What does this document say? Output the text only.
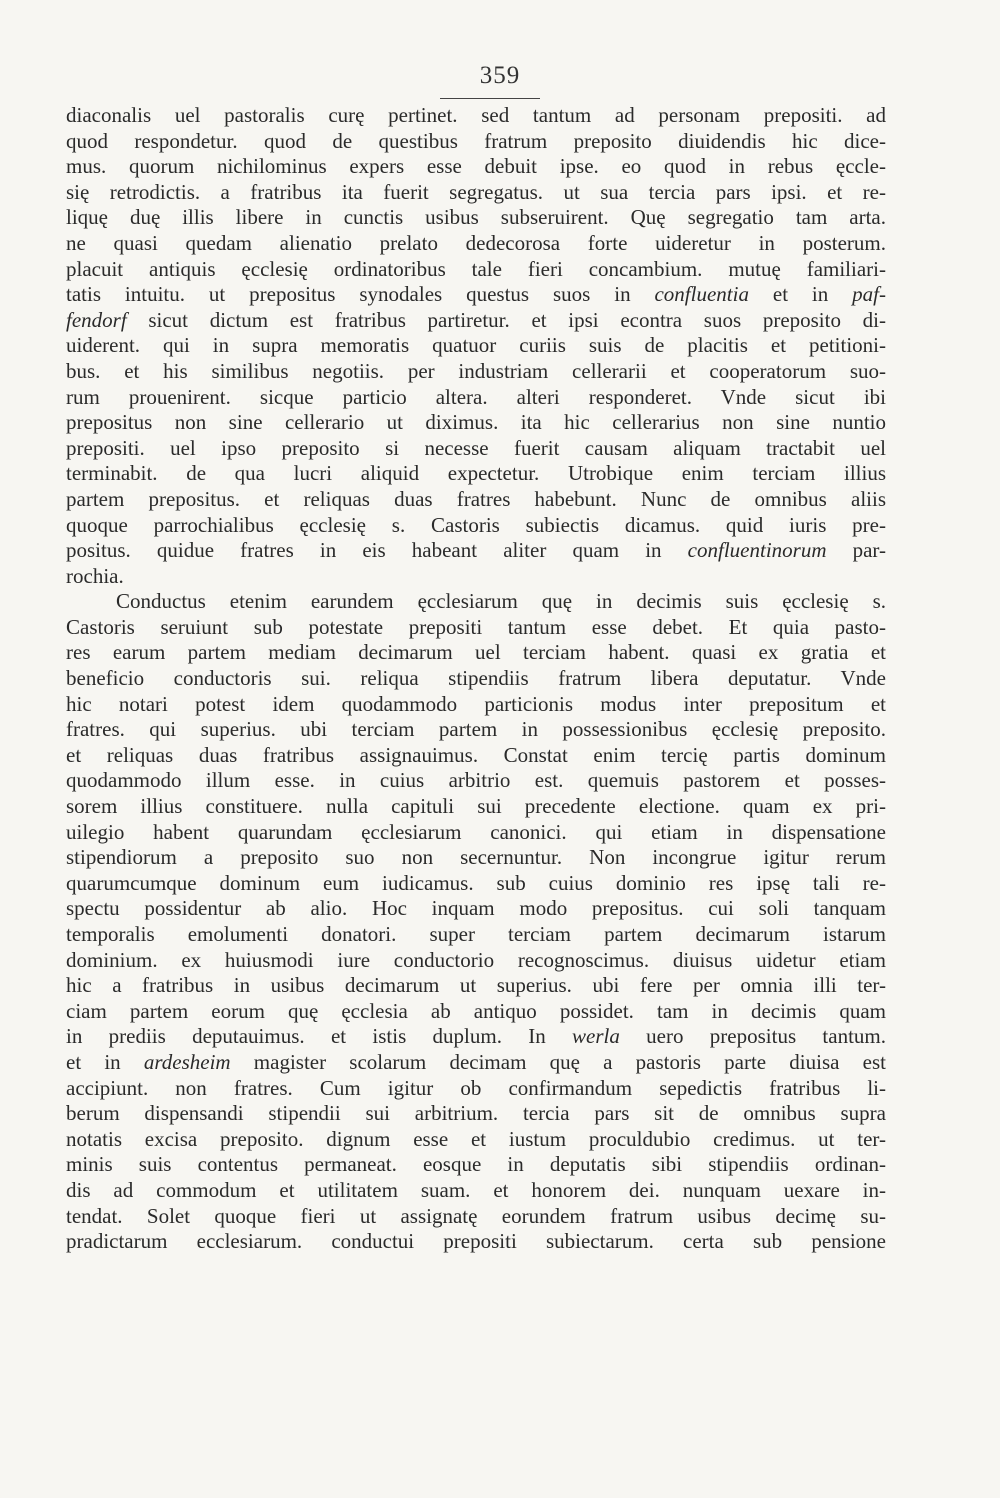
359
diaconalis uel pastoralis curę pertinet. sed tantum ad personam prepositi. ad
quod respondetur. quod de questibus fratrum preposito diuidendis hic dice-
mus. quorum nichilominus expers esse debuit ipse. eo quod in rebus ęccle-
się retrodictis. a fratribus ita fuerit segregatus. ut sua tercia pars ipsi. et re-
liquę duę illis libere in cunctis usibus subseruirent. Quę segregatio tam arta.
ne quasi quedam alienatio prelato dedecorosa forte uideretur in posterum.
placuit antiquis ęcclesię ordinatoribus tale fieri concambium. mutuę familiari-
tatis intuitu. ut prepositus synodales questus suos in confluentia et in paf-
fendorf sicut dictum est fratribus partiretur. et ipsi econtra suos preposito di-
uiderent. qui in supra memoratis quatuor curiis suis de placitis et petitioni-
bus. et his similibus negotiis. per industriam cellerarii et cooperatorum suo-
rum prouenirent. sicque particio altera. alteri responderet. Vnde sicut ibi
prepositus non sine cellerario ut diximus. ita hic cellerarius non sine nuntio
prepositi. uel ipso preposito si necesse fuerit causam aliquam tractabit uel
terminabit. de qua lucri aliquid expectetur. Utrobique enim terciam illius
partem prepositus. et reliquas duas fratres habebunt. Nunc de omnibus aliis
quoque parrochialibus ęcclesię s. Castoris subiectis dicamus. quid iuris pre-
positus. quidue fratres in eis habeant aliter quam in confluentinorum par-
rochia.
Conductus etenim earundem ęcclesiarum quę in decimis suis ęcclesię s.
Castoris seruiunt sub potestate prepositi tantum esse debet. Et quia pasto-
res earum partem mediam decimarum uel terciam habent. quasi ex gratia et
beneficio conductoris sui. reliqua stipendiis fratrum libera deputatur. Vnde
hic notari potest idem quodammodo particionis modus inter prepositum et
fratres. qui superius. ubi terciam partem in possessionibus ęcclesię preposito.
et reliquas duas fratribus assignauimus. Constat enim tercię partis dominum
quodammodo illum esse. in cuius arbitrio est. quemuis pastorem et posses-
sorem illius constituere. nulla capituli sui precedente electione. quam ex pri-
uilegio habent quarundam ęcclesiarum canonici. qui etiam in dispensatione
stipendiorum a preposito suo non secernuntur. Non incongrue igitur rerum
quarumcumque dominum eum iudicamus. sub cuius dominio res ipsę tali re-
spectu possidentur ab alio. Hoc inquam modo prepositus. cui soli tanquam
temporalis emolumenti donatori. super terciam partem decimarum istarum
dominium. ex huiusmodi iure conductorio recognoscimus. diuisus uidetur etiam
hic a fratribus in usibus decimarum ut superius. ubi fere per omnia illi ter-
ciam partem eorum quę ęcclesia ab antiquo possidet. tam in decimis quam
in prediis deputauimus. et istis duplum. In werla uero prepositus tantum.
et in ardesheim magister scolarum decimam quę a pastoris parte diuisa est
accipiunt. non fratres. Cum igitur ob confirmandum sepedictis fratribus li-
berum dispensandi stipendii sui arbitrium. tercia pars sit de omnibus supra
notatis excisa preposito. dignum esse et iustum proculdubio credimus. ut ter-
minis suis contentus permaneat. eosque in deputatis sibi stipendiis ordinan-
dis ad commodum et utilitatem suam. et honorem dei. nunquam uexare in-
tendat. Solet quoque fieri ut assignatę eorundem fratrum usibus decimę su-
pradictarum ecclesiarum. conductui prepositi subiectarum. certa sub pensione
